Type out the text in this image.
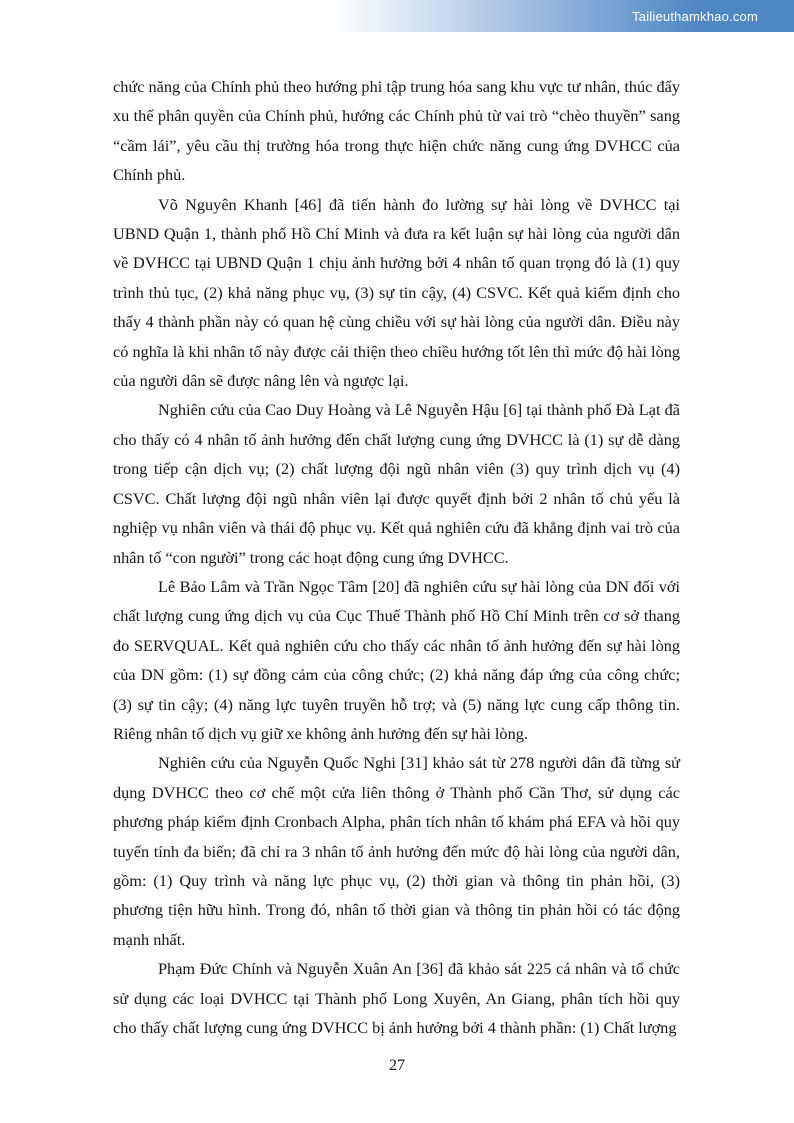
Tailieuthamkhao.com

chức năng của Chính phủ theo hướng phi tập trung hóa sang khu vực tư nhân, thúc đẩy xu thế phân quyền của Chính phủ, hướng các Chính phủ từ vai trò “chèo thuyền” sang “cầm lái”, yêu cầu thị trường hóa trong thực hiện chức năng cung ứng DVHCC của Chính phủ.

Võ Nguyên Khanh [46] đã tiến hành đo lường sự hài lòng về DVHCC tại UBND Quận 1, thành phố Hồ Chí Minh và đưa ra kết luận sự hài lòng của người dân về DVHCC tại UBND Quận 1 chịu ảnh hưởng bởi 4 nhân tố quan trọng đó là (1) quy trình thủ tục, (2) khả năng phục vụ, (3) sự tin cậy, (4) CSVC. Kết quả kiểm định cho thấy 4 thành phần này có quan hệ cùng chiều với sự hài lòng của người dân. Điều này có nghĩa là khi nhân tố này được cải thiện theo chiều hướng tốt lên thì mức độ hài lòng của người dân sẽ được nâng lên và ngược lại.

Nghiên cứu của Cao Duy Hoàng và Lê Nguyễn Hậu [6] tại thành phố Đà Lạt đã cho thấy có 4 nhân tố ảnh hưởng đến chất lượng cung ứng DVHCC là (1) sự dễ dàng trong tiếp cận dịch vụ; (2) chất lượng đội ngũ nhân viên (3) quy trình dịch vụ (4) CSVC. Chất lượng đội ngũ nhân viên lại được quyết định bởi 2 nhân tố chủ yếu là nghiệp vụ nhân viên và thái độ phục vụ. Kết quả nghiên cứu đã khẳng định vai trò của nhân tố “con người” trong các hoạt động cung ứng DVHCC.

Lê Bảo Lâm và Trần Ngọc Tâm [20] đã nghiên cứu sự hài lòng của DN đối với chất lượng cung ứng dịch vụ của Cục Thuế Thành phố Hồ Chí Minh trên cơ sở thang đo SERVQUAL. Kết quả nghiên cứu cho thấy các nhân tố ảnh hưởng đến sự hài lòng của DN gồm: (1) sự đồng cảm của công chức; (2) khả năng đáp ứng của công chức; (3) sự tin cậy; (4) năng lực tuyên truyền hỗ trợ; và (5) năng lực cung cấp thông tin. Riêng nhân tố dịch vụ giữ xe không ảnh hưởng đến sự hài lòng.

Nghiên cứu của Nguyễn Quốc Nghi [31] khảo sát từ 278 người dân đã từng sử dụng DVHCC theo cơ chế một cửa liên thông ở Thành phố Cần Thơ, sử dụng các phương pháp kiểm định Cronbach Alpha, phân tích nhân tố khám phá EFA và hồi quy tuyến tính đa biến; đã chỉ ra 3 nhân tố ảnh hưởng đến mức độ hài lòng của người dân, gồm: (1) Quy trình và năng lực phục vụ, (2) thời gian và thông tin phản hồi, (3) phương tiện hữu hình. Trong đó, nhân tố thời gian và thông tin phản hồi có tác động mạnh nhất.

Phạm Đức Chính và Nguyễn Xuân An [36] đã khảo sát 225 cá nhân và tổ chức sử dụng các loại DVHCC tại Thành phố Long Xuyên, An Giang, phân tích hồi quy cho thấy chất lượng cung ứng DVHCC bị ảnh hưởng bởi 4 thành phần: (1) Chất lượng

27
